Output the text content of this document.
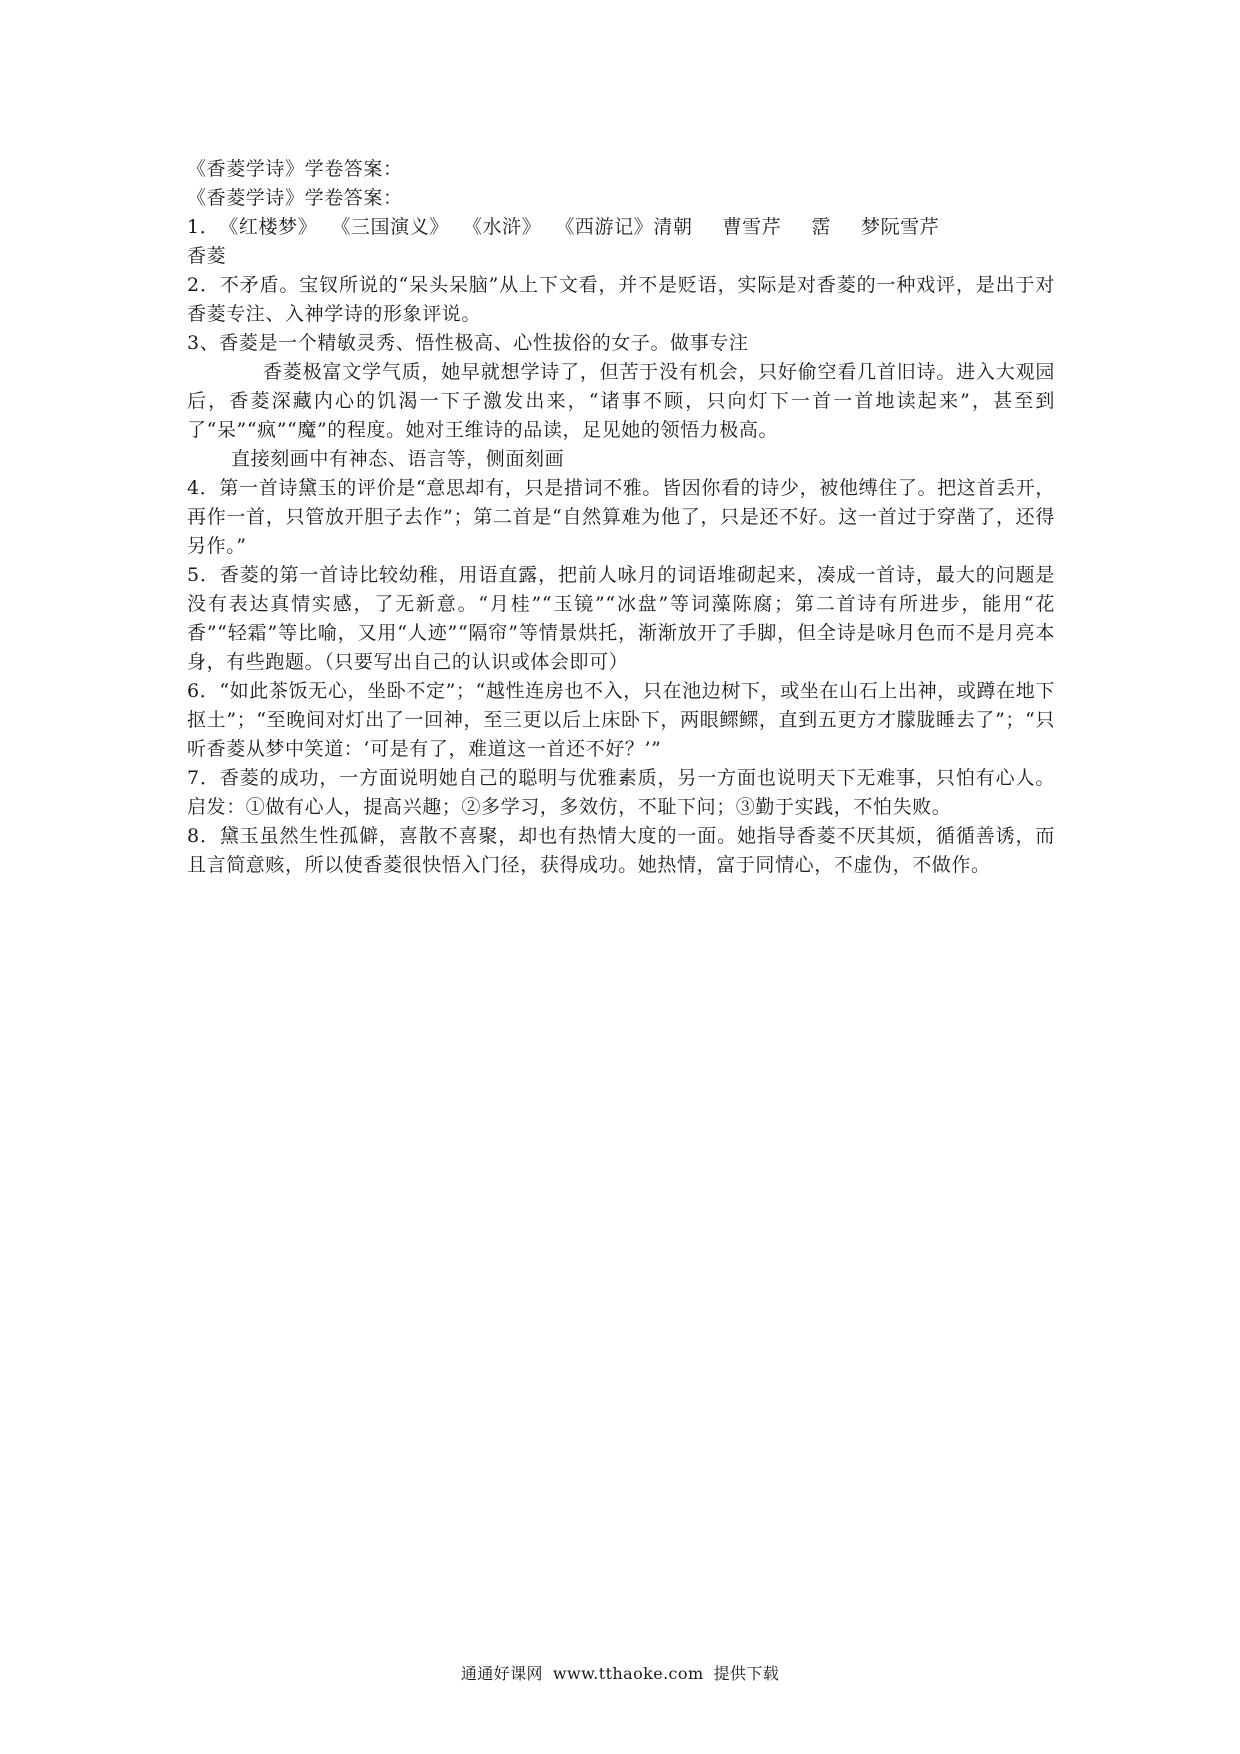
《香菱学诗》学卷答案：
《香菱学诗》学卷答案：
1．《红楼梦》 《三国演义》 《水浒》 《西游记》清朝 曹雪芹 霑 梦阮雪芹
香菱
2．不矛盾。宝钗所说的“呆头呆脑”从上下文看，并不是贬语，实际是对香菱的一种戏评，是出于对香菱专注、入神学诗的形象评说。
3、香菱是一个精敏灵秀、悟性极高、心性拔俗的女子。做事专注
香菱极富文学气质，她早就想学诗了，但苦于没有机会，只好偷空看几首旧诗。进入大观园后，香菱深藏内心的饥渴一下子激发出来，“诸事不顾，只向灯下一首一首地读起来”，甚至到了“呆”“疯”“魔”的程度。她对王维诗的品读，足见她的领悟力极高。
直接刻画中有神态、语言等，侧面刻画
4．第一首诗黛玉的评价是“意思却有，只是措词不雅。皆因你看的诗少，被他缚住了。把这首丢开，再作一首，只管放开胆子去作”；第二首是“自然算难为他了，只是还不好。这一首过于穿凿了，还得另作。”
5．香菱的第一首诗比较幼稚，用语直露，把前人咏月的词语堆砌起来，凑成一首诗，最大的问题是没有表达真情实感，了无新意。“月桂”“玉镜”“冰盘”等词藻陈腐；第二首诗有所进步，能用“花香”“轻霜”等比喻，又用“人迹”“隔帘”等情景烘托，渐渐放开了手脚，但全诗是咏月色而不是月亮本身，有些跑题。（只要写出自己的认识或体会即可）
6．“如此茶饭无心，坐卧不定”；“越性连房也不入，只在池边树下，或坐在山石上出神，或蹲在地下抠土”；“至晚间对灯出了一回神，至三更以后上床卧下，两眼鳏鳏，直到五更方才朦胧睡去了”；“只听香菱从梦中笑道：‘可是有了，难道这一首还不好？’”
7．香菱的成功，一方面说明她自己的聪明与优雅素质，另一方面也说明天下无难事，只怕有心人。启发：①做有心人，提高兴趣；②多学习，多效仿，不耻下问；③勤于实践，不怕失败。
8．黛玉虽然生性孤僻，喜散不喜聚，却也有热情大度的一面。她指导香菱不厌其烦，循循善诱，而且言简意赅，所以使香菱很快悟入门径，获得成功。她热情，富于同情心，不虚伪，不做作。
通通好课网 www.tthaoke.com 提供下载
